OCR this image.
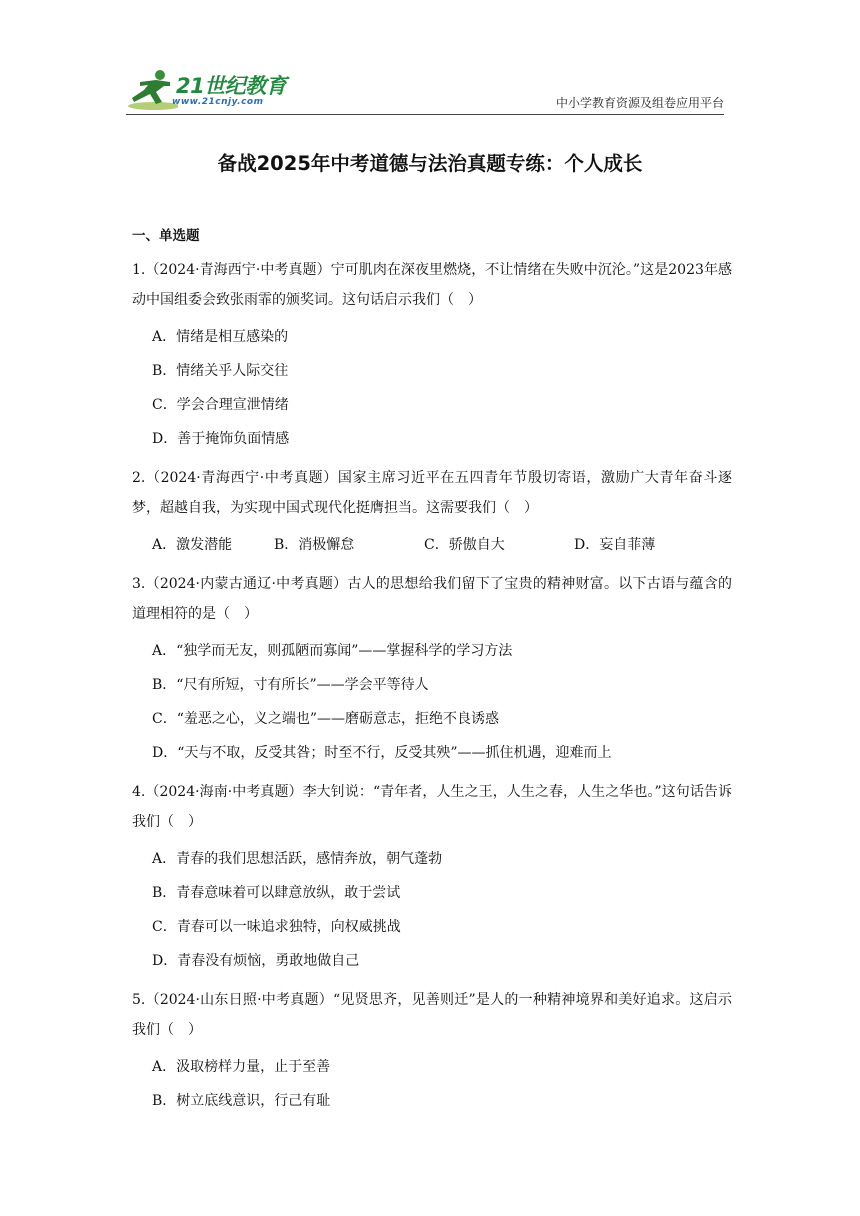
21世纪教育
www.21cnjy.com	中小学教育资源及组卷应用平台
备战2025年中考道德与法治真题专练：个人成长
一、单选题
1.（2024·青海西宁·中考真题）宁可肌肉在深夜里燃烧，不让情绪在失败中沉沦。”这是2023年感动中国组委会致张雨霏的颁奖词。这句话启示我们（　）
A．情绪是相互感染的
B．情绪关乎人际交往
C．学会合理宣泄情绪
D．善于掩饰负面情感
2.（2024·青海西宁·中考真题）国家主席习近平在五四青年节殷切寄语，激励广大青年奋斗逐梦，超越自我，为实现中国式现代化挺膺担当。这需要我们（　）
A．激发潜能	B．消极懈怠	C．骄傲自大	D．妄自菲薄
3.（2024·内蒙古通辽·中考真题）古人的思想给我们留下了宝贵的精神财富。以下古语与蕴含的道理相符的是（　）
A．“独学而无友，则孤陋而寡闻”——掌握科学的学习方法
B．“尺有所短，寸有所长”——学会平等待人
C．“羞恶之心，义之端也”——磨砺意志，拒绝不良诱惑
D．“天与不取，反受其咎；时至不行，反受其殃”——抓住机遇，迎难而上
4.（2024·海南·中考真题）李大钊说：“青年者，人生之王，人生之春，人生之华也。”这句话告诉我们（　）
A．青春的我们思想活跃，感情奔放，朝气蓬勃
B．青春意味着可以肆意放纵，敢于尝试
C．青春可以一味追求独特，向权威挑战
D．青春没有烦恼，勇敢地做自己
5.（2024·山东日照·中考真题）“见贤思齐，见善则迁”是人的一种精神境界和美好追求。这启示我们（　）
A．汲取榜样力量，止于至善
B．树立底线意识，行己有耻
